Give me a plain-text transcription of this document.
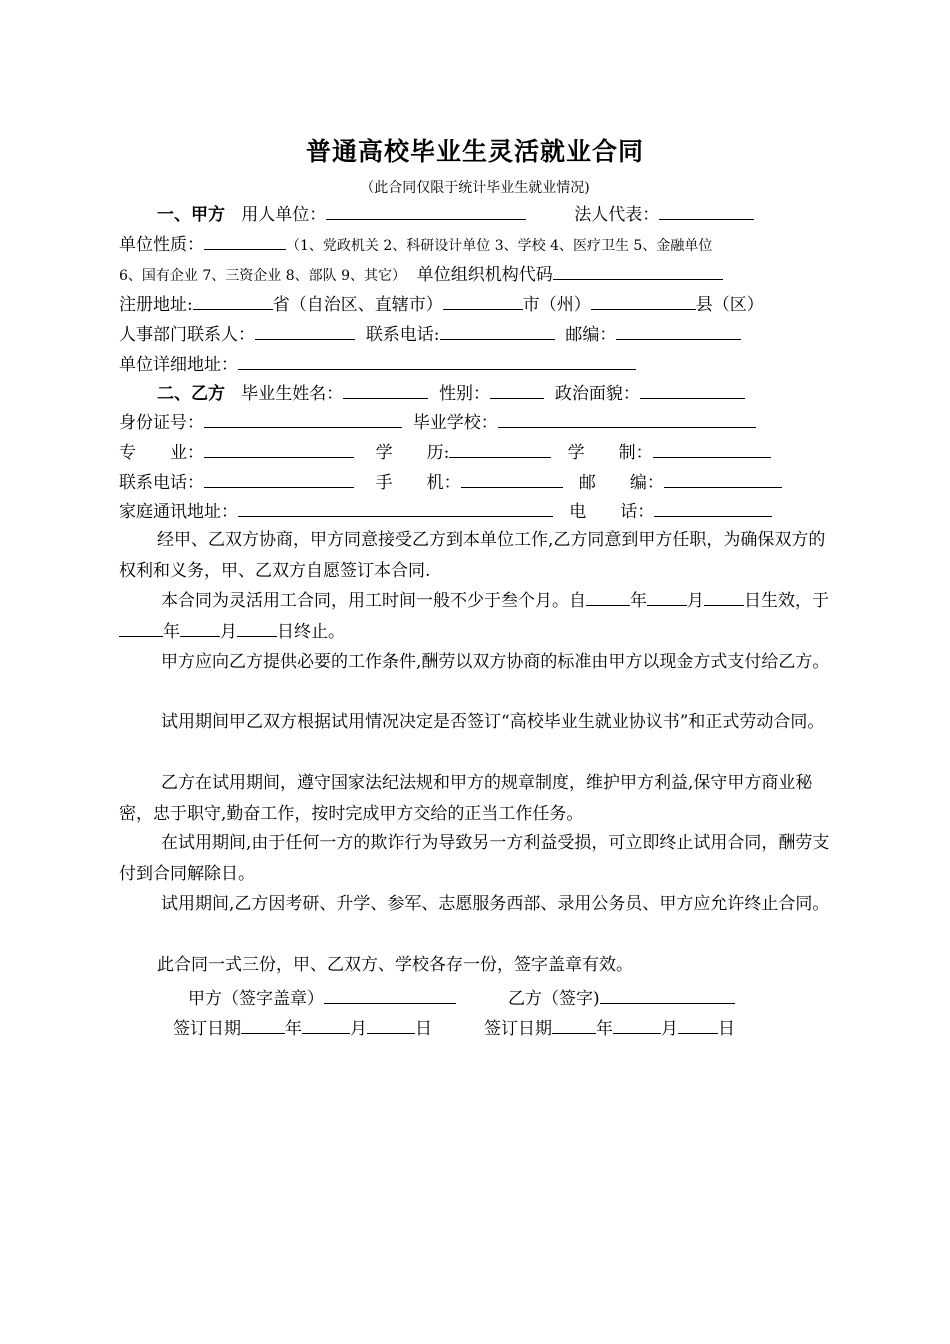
普通高校毕业生灵活就业合同
（此合同仅限于统计毕业生就业情况)
一、甲方 用人单位：	法人代表：
单位性质：	（1、党政机关 2、科研设计单位 3、学校 4、医疗卫生 5、金融单位
6、国有企业 7、三资企业 8、部队 9、其它） 单位组织机构代码
注册地址:	省（自治区、直辖市）	市（州）	县（区）
人事部门联系人：	联系电话:	邮编：
单位详细地址：
二、乙方 毕业生姓名：	性别：	政治面貌：
身份证号：	毕业学校：
专　　业：	学　　历:	学　　制：
联系电话：	手　　机：	邮　　编：
家庭通讯地址：	电　　话：
经甲、乙双方协商，甲方同意接受乙方到本单位工作,乙方同意到甲方任职，为确保双方的权利和义务，甲、乙双方自愿签订本合同.
本合同为灵活用工合同，用工时间一般不少于叁个月。自	年 月 日生效，于年 月 日终止。
甲方应向乙方提供必要的工作条件,酬劳以双方协商的标准由甲方以现金方式支付给乙方。
试用期间甲乙双方根据试用情况决定是否签订“高校毕业生就业协议书”和正式劳动合同。
乙方在试用期间，遵守国家法纪法规和甲方的规章制度，维护甲方利益,保守甲方商业秘密，忠于职守,勤奋工作，按时完成甲方交给的正当工作任务。
在试用期间,由于任何一方的欺诈行为导致另一方利益受损，可立即终止试用合同，酬劳支付到合同解除日。
试用期间,乙方因考研、升学、参军、志愿服务西部、录用公务员、甲方应允许终止合同。
此合同一式三份，甲、乙双方、学校各存一份，签字盖章有效。
甲方（签字盖章）	乙方（签字)
签订日期	年	月	日	签订日期	年	月 日
